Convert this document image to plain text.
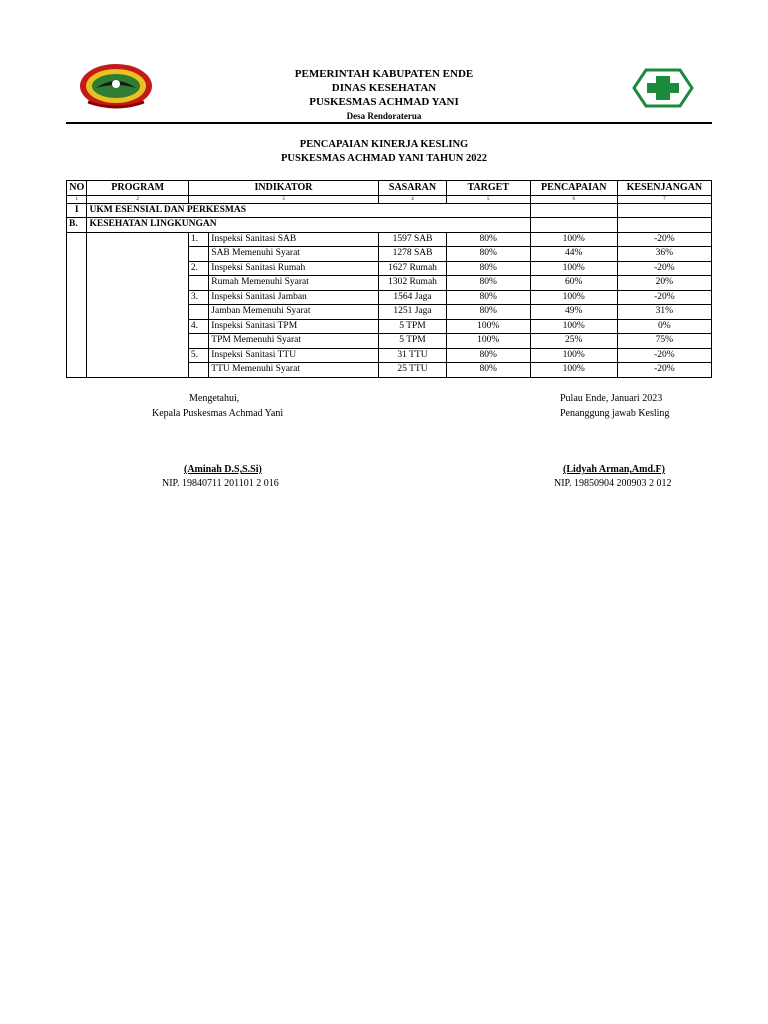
PEMERINTAH KABUPATEN ENDE
DINAS KESEHATAN
PUSKESMAS ACHMAD YANI
Desa Rendoraterua
PENCAPAIAN KINERJA KESLING
PUSKESMAS ACHMAD YANI TAHUN 2022
NO	PROGRAM	INDIKATOR		SASARAN	TARGET	PENCAPAIAN	KESENJANGAN
1	2	3		4	5	6	7
I	UKM ESENSIAL DAN PERKESMAS						
B.	KESEHATAN LINGKUNGAN						
		1.	Inspeksi Sanitasi SAB	1597 SAB	80%	100%	-20%
			SAB Memenuhi Syarat	1278 SAB	80%	44%	36%
		2.	Inspeksi Sanitasi Rumah	1627 Rumah	80%	100%	-20%
			Rumah Memenuhi Syarat	1302 Rumah	80%	60%	20%
		3.	Inspeksi Sanitasi Jamban	1564 Jaga	80%	100%	-20%
			Jamban Memenuhi Syarat	1251 Jaga	80%	49%	31%
		4.	Inspeksi Sanitasi TPM	5 TPM	100%	100%	0%
			TPM Memenuhi Syarat	5 TPM	100%	25%	75%
		5.	Inspeksi Sanitasi TTU	31 TTU	80%	100%	-20%
			TTU Memenuhi Syarat	25 TTU	80%	100%	-20%
Mengetahui,
Kepala Puskesmas Achmad Yani
(Aminah D.S,S.Si)
NIP. 19840711 201101 2 016
Pulau Ende, Januari 2023
Penanggung jawab Kesling
(Lidyah Arman,Amd.F)
NIP. 19850904 200903 2 012
